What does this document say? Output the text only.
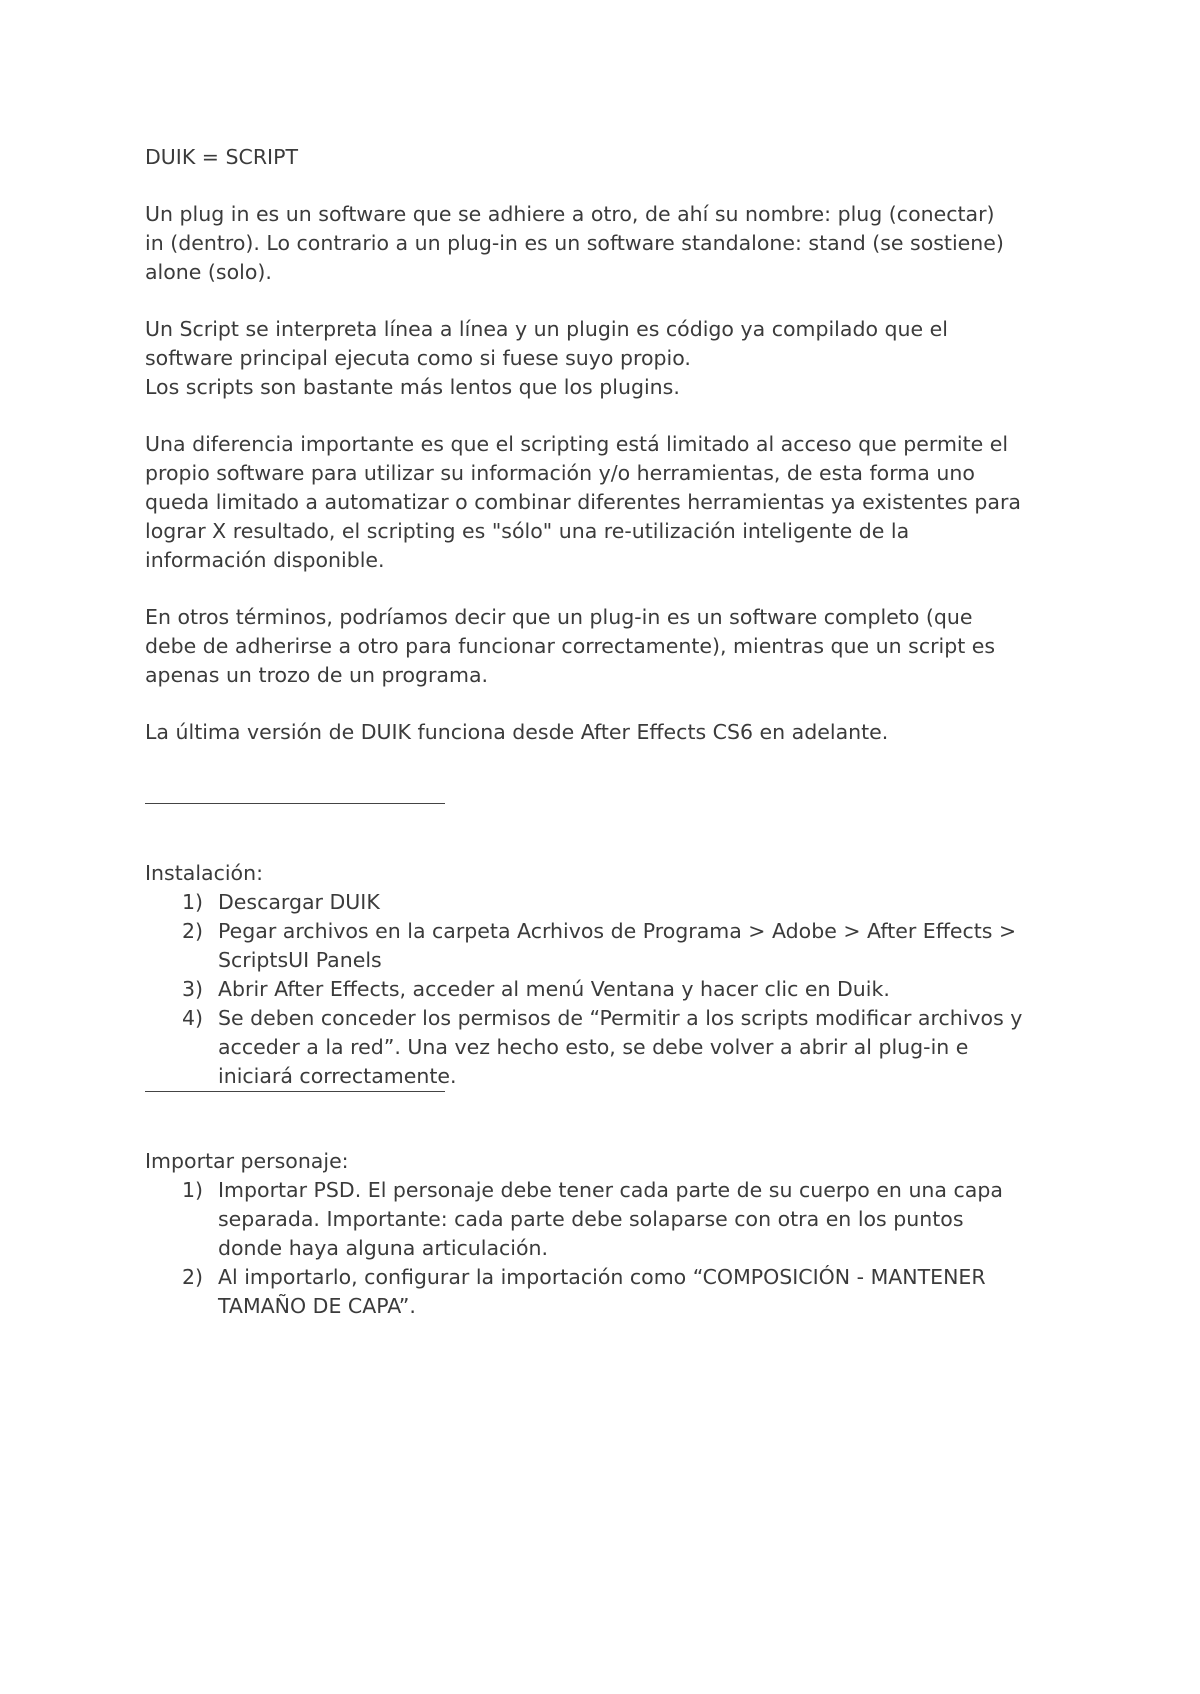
DUIK = SCRIPT
Un plug in es un software que se adhiere a otro, de ahí su nombre: plug (conectar)
in (dentro). Lo contrario a un plug-in es un software standalone: stand (se sostiene)
alone (solo).
Un Script se interpreta línea a línea y un plugin es código ya compilado que el
software principal ejecuta como si fuese suyo propio.
Los scripts son bastante más lentos que los plugins.
Una diferencia importante es que el scripting está limitado al acceso que permite el
propio software para utilizar su información y/o herramientas, de esta forma uno
queda limitado a automatizar o combinar diferentes herramientas ya existentes para
lograr X resultado, el scripting es "sólo" una re-utilización inteligente de la
información disponible.
En otros términos, podríamos decir que un plug-in es un software completo (que
debe de adherirse a otro para funcionar correctamente), mientras que un script es
apenas un trozo de un programa.
La última versión de DUIK funciona desde After Effects CS6 en adelante.
Instalación:
1) Descargar DUIK
2) Pegar archivos en la carpeta Acrhivos de Programa > Adobe > After Effects >
ScriptsUI Panels
3) Abrir After Effects, acceder al menú Ventana y hacer clic en Duik.
4) Se deben conceder los permisos de “Permitir a los scripts modificar archivos y
acceder a la red”. Una vez hecho esto, se debe volver a abrir al plug-in e
iniciará correctamente.
Importar personaje:
1) Importar PSD. El personaje debe tener cada parte de su cuerpo en una capa
separada. Importante: cada parte debe solaparse con otra en los puntos
donde haya alguna articulación.
2) Al importarlo, configurar la importación como “COMPOSICIÓN - MANTENER
TAMAÑO DE CAPA”.
